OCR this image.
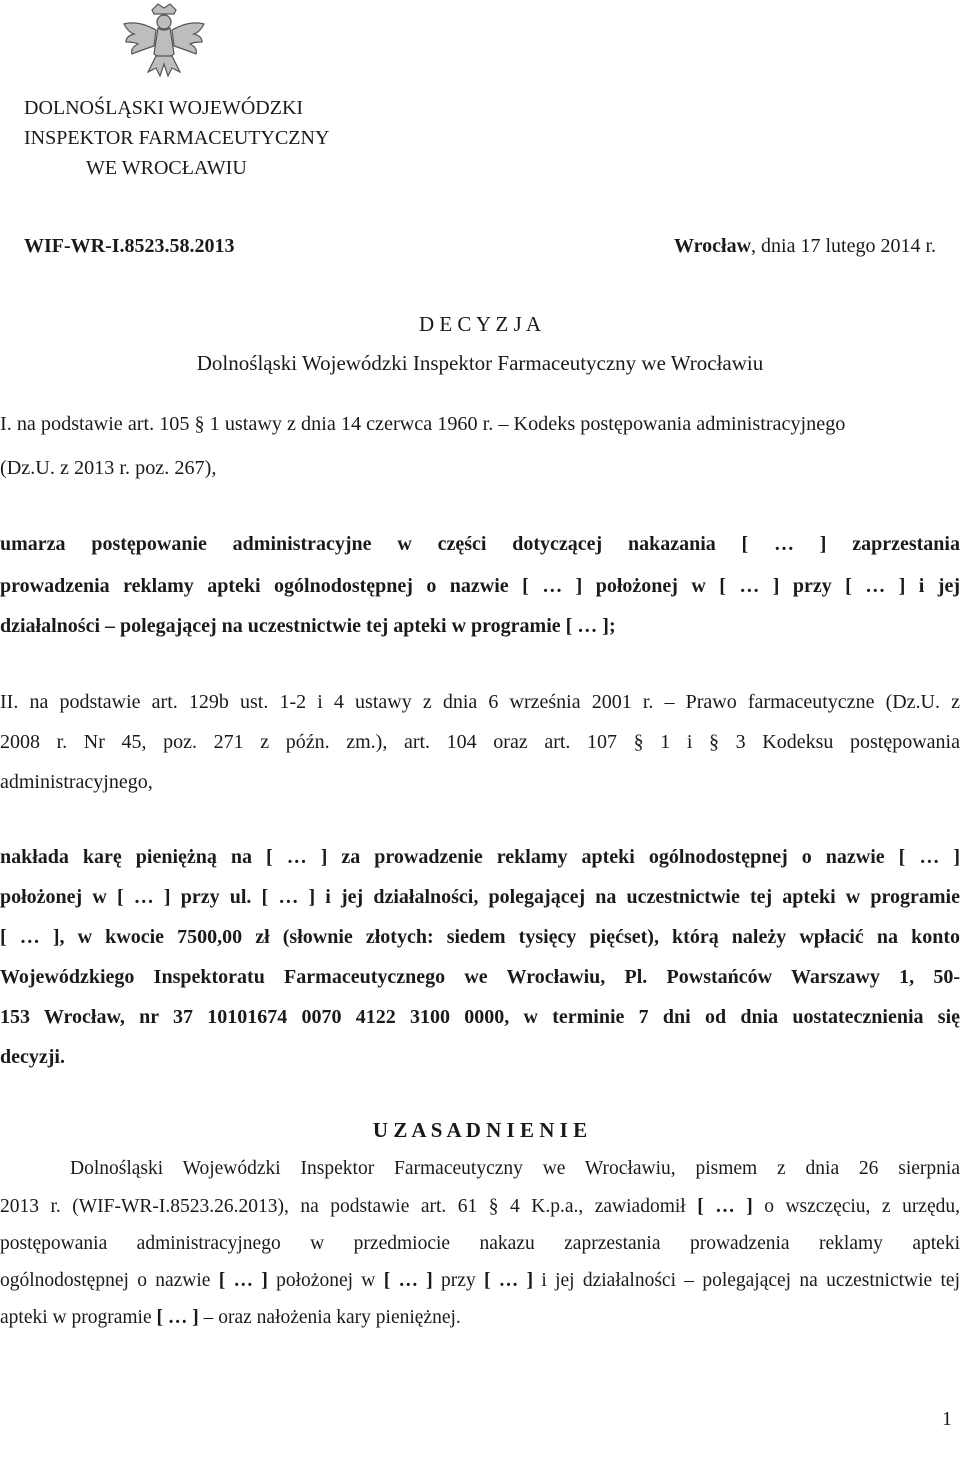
DOLNOŚLĄSKI WOJEWÓDZKI
INSPEKTOR FARMACEUTYCZNY
WE WROCŁAWIU
WIF-WR-I.8523.58.2013	Wrocław, dnia 17 lutego 2014 r.
D E C Y Z J A
Dolnośląski Wojewódzki Inspektor Farmaceutyczny we Wrocławiu
I. na podstawie art. 105 § 1 ustawy z dnia 14 czerwca 1960 r. – Kodeks postępowania administracyjnego
(Dz.U. z 2013 r. poz. 267),
umarza postępowanie administracyjne w części dotyczącej nakazania [ … ] zaprzestania
prowadzenia reklamy apteki ogólnodostępnej o nazwie [ … ] położonej w [ … ] przy [ … ] i jej
działalności – polegającej na uczestnictwie tej apteki w programie [ … ];
II. na podstawie art. 129b ust. 1-2 i 4 ustawy z dnia 6 września 2001 r. – Prawo farmaceutyczne (Dz.U. z
2008 r. Nr 45, poz. 271 z późn. zm.), art. 104 oraz art. 107 § 1 i § 3 Kodeksu postępowania
administracyjnego,
nakłada karę pieniężną na [ … ] za prowadzenie reklamy apteki ogólnodostępnej o nazwie [ … ]
położonej w [ … ] przy ul. [ … ] i jej działalności, polegającej na uczestnictwie tej apteki w programie
[ … ], w kwocie 7500,00 zł (słownie złotych: siedem tysięcy pięćset), którą należy wpłacić na konto
Wojewódzkiego Inspektoratu Farmaceutycznego we Wrocławiu, Pl. Powstańców Warszawy 1, 50-
153 Wrocław, nr 37 10101674 0070 4122 3100 0000, w terminie 7 dni od dnia uostatecznienia się
decyzji.
U Z A S A D N I E N I E
Dolnośląski Wojewódzki Inspektor Farmaceutyczny we Wrocławiu, pismem z dnia 26 sierpnia
2013 r. (WIF-WR-I.8523.26.2013), na podstawie art. 61 § 4 K.p.a., zawiadomił [ … ] o wszczęciu, z urzędu,
postępowania administracyjnego w przedmiocie nakazu zaprzestania prowadzenia reklamy apteki
ogólnodostępnej o nazwie [ … ] położonej w [ … ] przy [ … ] i jej działalności – polegającej na uczestnictwie tej
apteki w programie [ … ] – oraz nałożenia kary pieniężnej.
1
